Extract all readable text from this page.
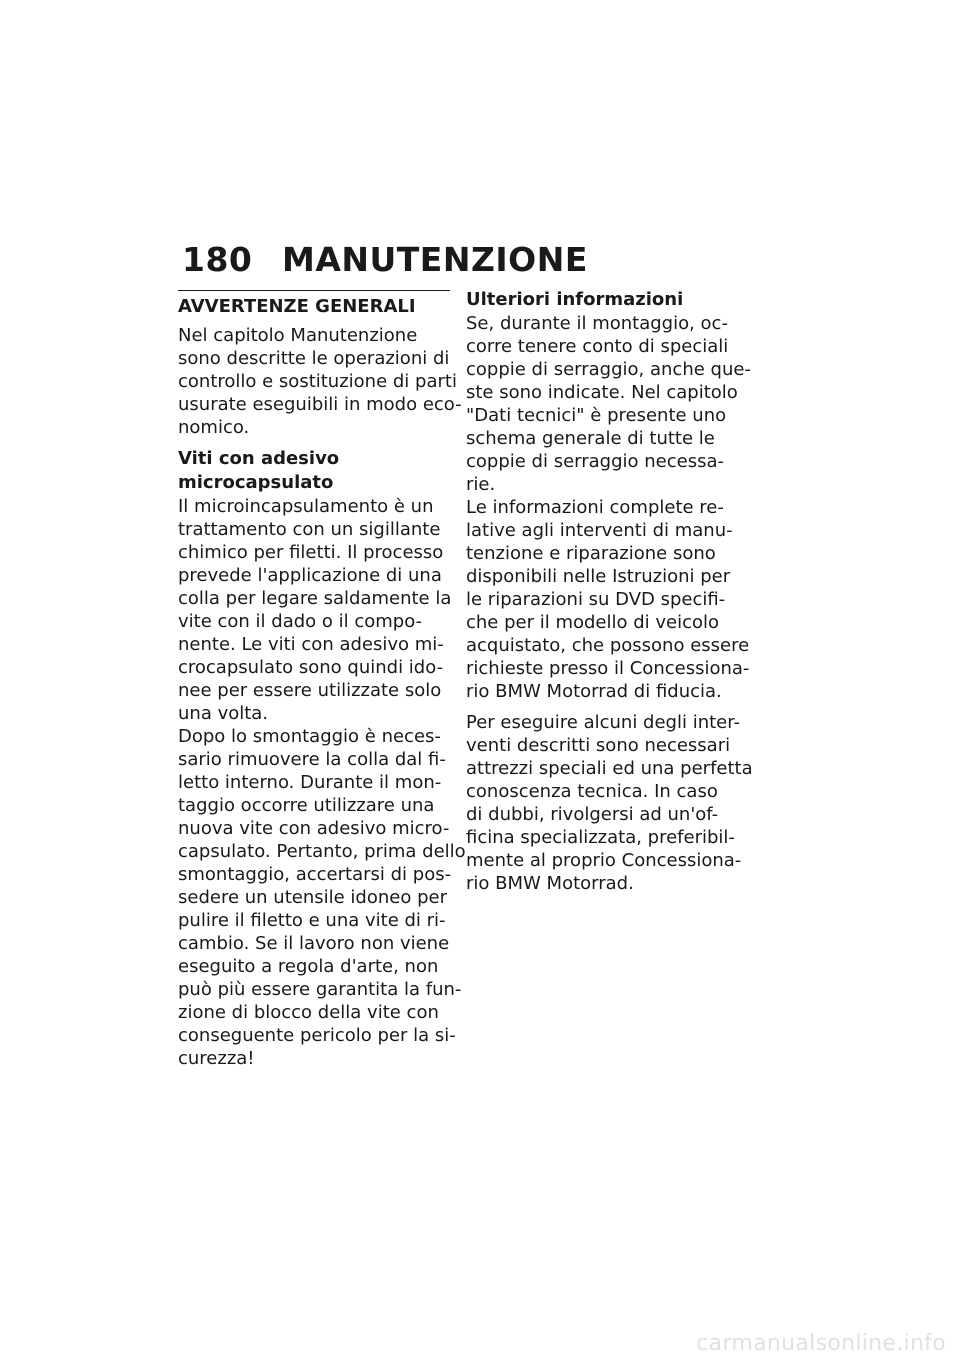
180 MANUTENZIONE
AVVERTENZE GENERALI
Nel capitolo Manutenzione
sono descritte le operazioni di
controllo e sostituzione di parti
usurate eseguibili in modo eco-
nomico.
Viti con adesivo
microcapsulato
Il microincapsulamento è un
trattamento con un sigillante
chimico per filetti. Il processo
prevede l'applicazione di una
colla per legare saldamente la
vite con il dado o il compo-
nente. Le viti con adesivo mi-
crocapsulato sono quindi ido-
nee per essere utilizzate solo
una volta.
Dopo lo smontaggio è neces-
sario rimuovere la colla dal fi-
letto interno. Durante il mon-
taggio occorre utilizzare una
nuova vite con adesivo micro-
capsulato. Pertanto, prima dello
smontaggio, accertarsi di pos-
sedere un utensile idoneo per
pulire il filetto e una vite di ri-
cambio. Se il lavoro non viene
eseguito a regola d'arte, non
può più essere garantita la fun-
zione di blocco della vite con
conseguente pericolo per la si-
curezza!
Ulteriori informazioni
Se, durante il montaggio, oc-
corre tenere conto di speciali
coppie di serraggio, anche que-
ste sono indicate. Nel capitolo
"Dati tecnici" è presente uno
schema generale di tutte le
coppie di serraggio necessa-
rie.
Le informazioni complete re-
lative agli interventi di manu-
tenzione e riparazione sono
disponibili nelle Istruzioni per
le riparazioni su DVD specifi-
che per il modello di veicolo
acquistato, che possono essere
richieste presso il Concessiona-
rio BMW Motorrad di fiducia.
Per eseguire alcuni degli inter-
venti descritti sono necessari
attrezzi speciali ed una perfetta
conoscenza tecnica. In caso
di dubbi, rivolgersi ad un'of-
ficina specializzata, preferibil-
mente al proprio Concessiona-
rio BMW Motorrad.
carmanualsonline.info
